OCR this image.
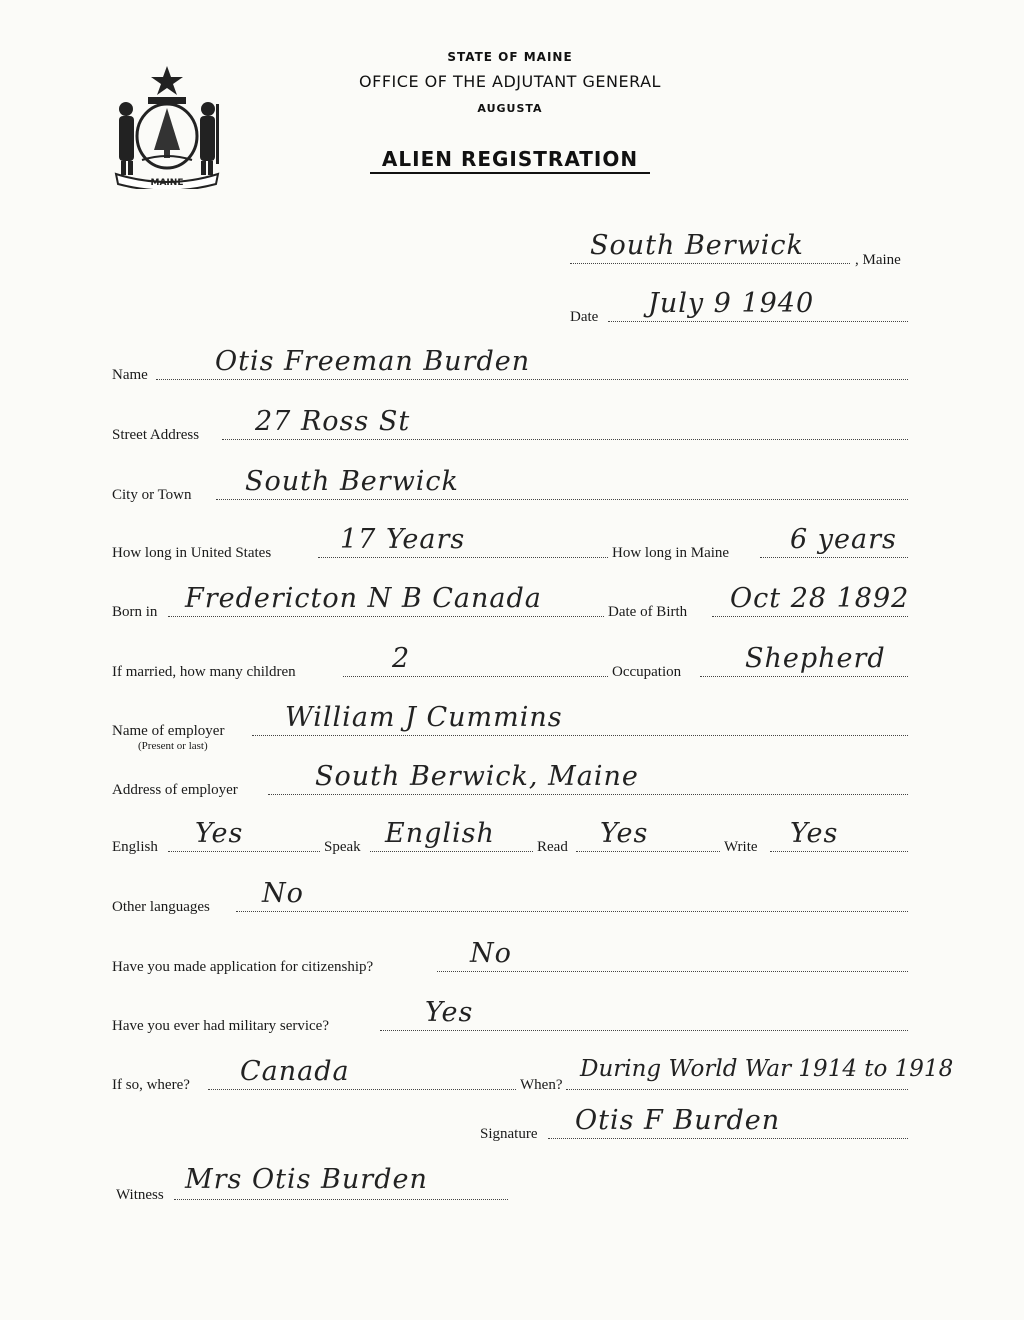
MAINE
STATE OF MAINE
OFFICE OF THE ADJUTANT GENERAL
AUGUSTA
ALIEN REGISTRATION
South Berwick	, Maine
Date July 9 1940
Name Otis Freeman Burden
Street Address 27 Ross St
City or Town South Berwick
How long in United States	17 Years	How long in Maine 6 years
Born in Fredericton N B Canada	Date of Birth Oct 28 1892
If married, how many children	2	Occupation Shepherd
Name of employer
(Present or last)
William J Cummins
Address of employer	South Berwick, Maine
English Yes	Speak English	Read Yes	Write Yes
Other languages No
Have you made application for citizenship?	No
Have you ever had military service?	Yes
If so, where? Canada	When?
During World War 1914 to 1918
Signature Otis F Burden
Witness Mrs Otis Burden
